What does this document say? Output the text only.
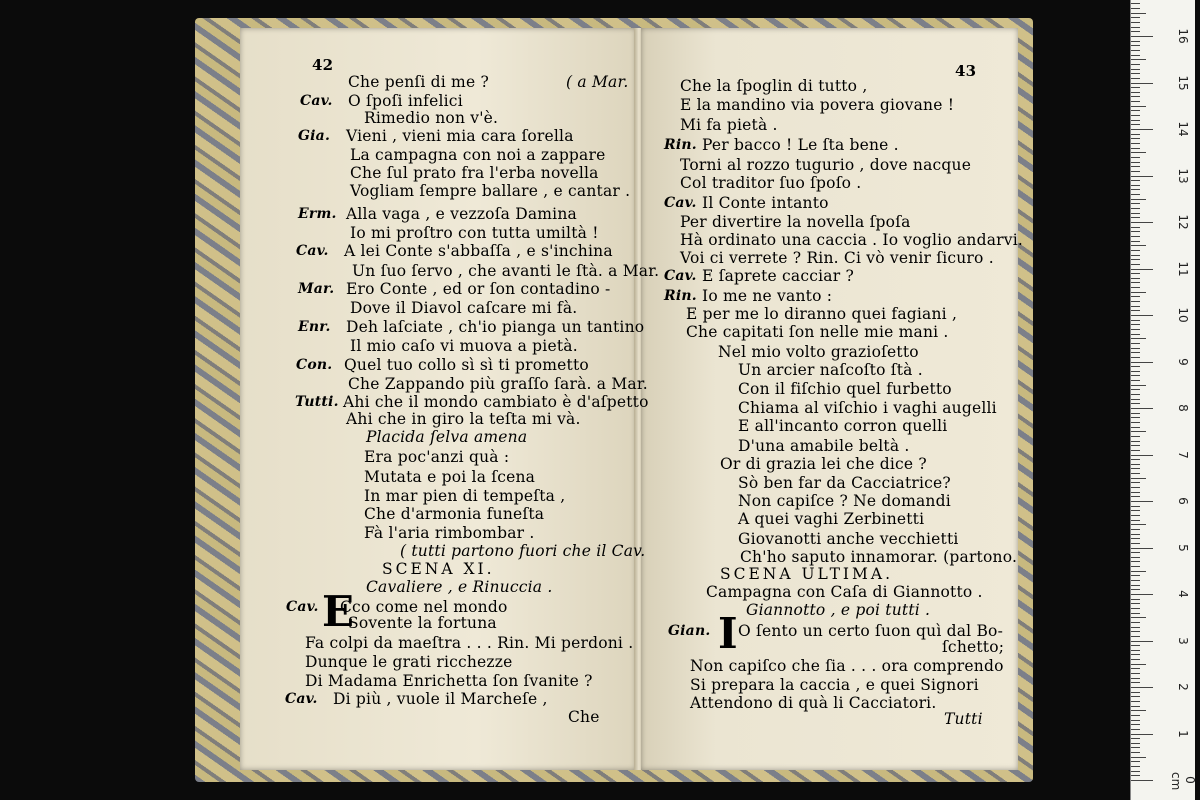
Che penſi di me ?	( a Mar.
Cav. O ſpoſi infelici
Rimedio non v'è.
Gia. Vieni , vieni mia cara ſorella
La campagna con noi a zappare
Che ſul prato fra l'erba novella
Vogliam ſempre ballare , e cantar .
Erm. Alla vaga , e vezzoſa Damina
Io mi proſtro con tutta umiltà !
Cav. A lei Conte s'abbaſſa , e s'inchina
Un ſuo ſervo , che avanti le ſtà. a Mar.
Mar. Ero Conte , ed or ſon contadino -
Dove il Diavol caſcare mi fà.
Enr. Deh laſciate , ch'io pianga un tantino
Il mio caſo vi muova a pietà.
Con. Quel tuo collo sì sì ti prometto
Che Zappando più graſſo ſarà. a Mar.
Tutti. Ahi che il mondo cambiato è d'aſpetto
Ahi che in giro la teſta mi và.
Placida ſelva amena
Era poc'anzi quà :
Mutata e poi la ſcena
In mar pien di tempeſta ,
Che d'armonia funeſta
Fà l'aria rimbombar .
( tutti partono fuori che il Cav.
SCENA XI.
Cavaliere , e Rinuccia .
Cav. Cco come nel mondo
E
Sovente la fortuna
Fa colpi da maeſtra . . . Rin. Mi perdoni .
Dunque le grati ricchezze
Di Madama Enrichetta ſon ſvanite ?
Cav. Di più , vuole il Marcheſe ,
Che
Che la ſpoglin di tutto ,
E la mandino via povera giovane !
Mi fa pietà .
Rin. Per bacco ! Le ſta bene .
Torni al rozzo tugurio , dove nacque
Col traditor ſuo ſpoſo .
Cav. Il Conte intanto
Per divertire la novella ſpoſa
Hà ordinato una caccia . Io voglio andarvi.
Voi ci verrete ? Rin. Ci vò venir ſicuro .
Cav. E ſaprete cacciar ?
Rin. Io me ne vanto :
E per me lo diranno quei fagiani ,
Che capitati ſon nelle mie mani .
Nel mio volto grazioſetto
Un arcier naſcoſto ſtà .
Con il fiſchio quel furbetto
Chiama al viſchio i vaghi augelli
E all'incanto corron quelli
D'una amabile beltà .
Or di grazia lei che dice ?
Sò ben far da Cacciatrice?
Non capiſce ? Ne domandi
A quei vaghi Zerbinetti
Giovanotti anche vecchietti
Ch'ho saputo innamorar. (partono.
SCENA ULTIMA.
Campagna con Caſa di Giannotto .
Giannotto , e poi tutti .
Gian. O ſento un certo ſuon quì dal Bo-
ſchetto;
Non capiſco che ſia . . . ora comprendo
Si prepara la caccia , e quei Signori
Attendono di quà li Cacciatori.
Tutti
I
42	43
0 cm
1
2
3
4
5
6
7
8
9
10
11
12
13
14
15
16
